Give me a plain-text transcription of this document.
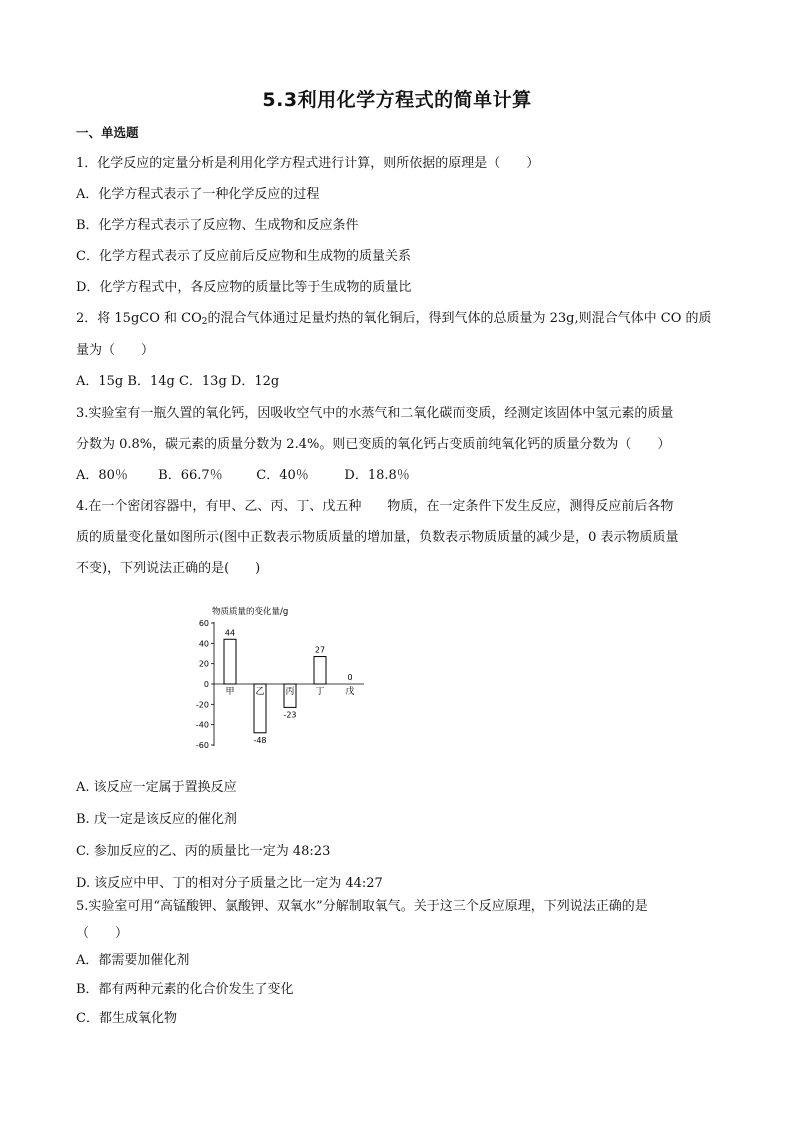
5.3利用化学方程式的简单计算
一、单选题
1．化学反应的定量分析是利用化学方程式进行计算，则所依据的原理是（　　）
A．化学方程式表示了一种化学反应的过程
B．化学方程式表示了反应物、生成物和反应条件
C．化学方程式表示了反应前后反应物和生成物的质量关系
D．化学方程式中，各反应物的质量比等于生成物的质量比
2．将 15gCO 和 $CO_2$的混合气体通过足量灼热的氧化铜后，得到气体的总质量为 23g,则混合气体中 CO 的质
量为（　　）
A．15g B．14g C．13g D．12g
3.实验室有一瓶久置的氧化钙，因吸收空气中的水蒸气和二氧化碳而变质，经测定该固体中氢元素的质量
分数为 0.8%，碳元素的质量分数为 2.4%。则已变质的氧化钙占变质前纯氧化钙的质量分数为（　　）
A．80％ B．66.7％	C．40％	D．18.8％
4.在一个密闭容器中，有甲、乙、丙、丁、戊五种　　物质，在一定条件下发生反应，测得反应前后各物
质的质量变化量如图所示(图中正数表示物质质量的增加量，负数表示物质质量的减少是，0 表示物质质量
不变)，下列说法正确的是(　　)
物质质量的变化量/g
60
40
20
0
-20
-40
-60
44
甲
-48
乙
-23
丙
27
丁
0
戊
A. 该反应一定属于置换反应
B. 戊一定是该反应的催化剂
C. 参加反应的乙、丙的质量比一定为 48:23
D. 该反应中甲、丁的相对分子质量之比一定为 44:27
5.实验室可用“高锰酸钾、氯酸钾、双氧水”分解制取氧气。关于这三个反应原理，下列说法正确的是
（　　）
A．都需要加催化剂
B．都有两种元素的化合价发生了变化
C．都生成氧化物
